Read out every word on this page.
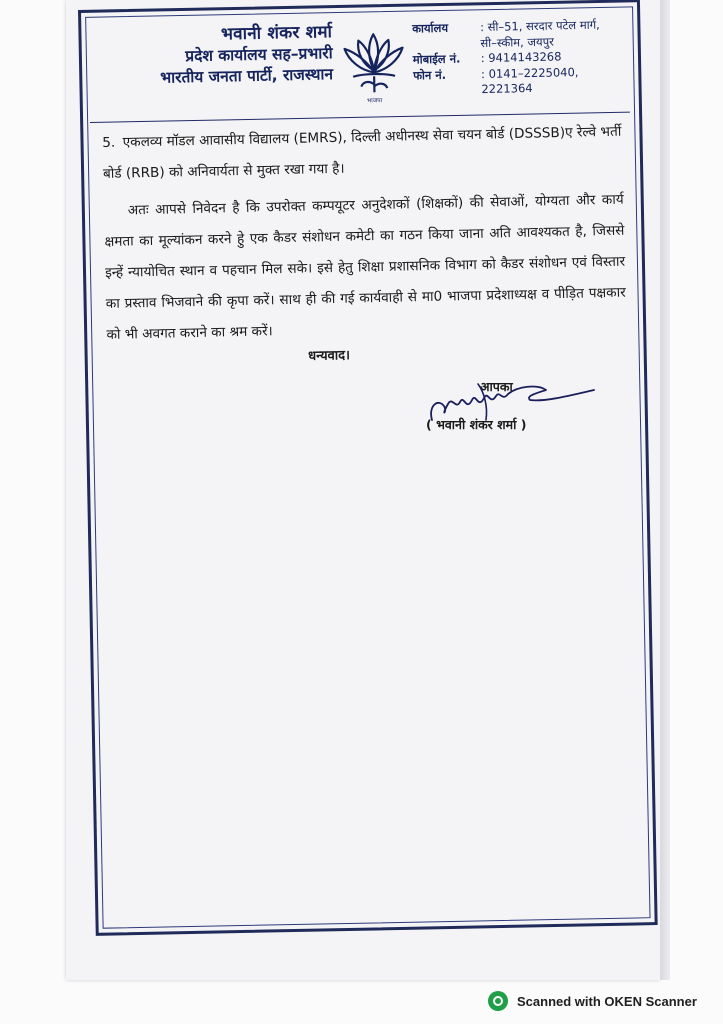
भवानी शंकर शर्मा
प्रदेश कार्यालय सह–प्रभारी
भारतीय जनता पार्टी, राजस्थान
भाजपा
कार्यालय	: सी–51, सरदार पटेल मार्ग,
सी–स्कीम, जयपुर
मोबाईल नं.	: 9414143268
फोन नं.	: 0141–2225040, 2221364

5. एकलव्य मॉडल आवासीय विद्यालय (EMRS), दिल्ली अधीनस्थ सेवा चयन बोर्ड (DSSSB)ए रेल्वे भर्ती बोर्ड (RRB) को अनिवार्यता से मुक्त रखा गया है।

अतः आपसे निवेदन है कि उपरोक्त कम्पयूटर अनुदेशकों (शिक्षकों) की सेवाओं, योग्यता और कार्य क्षमता का मूल्यांकन करने हेु एक कैडर संशोधन कमेटी का गठन किया जाना अति आवश्यकत है, जिससे इन्हें न्यायोचित स्थान व पहचान मिल सके। इसे हेतु शिक्षा प्रशासनिक विभाग को कैडर संशोधन एवं विस्तार का प्रस्ताव भिजवाने की कृपा करें। साथ ही की गई कार्यवाही से मा0 भाजपा प्रदेशाध्यक्ष व पीड़ित पक्षकार को भी अवगत कराने का श्रम करें।

धन्यवाद।
आपका
( भवानी शंकर शर्मा )
Scanned with OKEN Scanner
